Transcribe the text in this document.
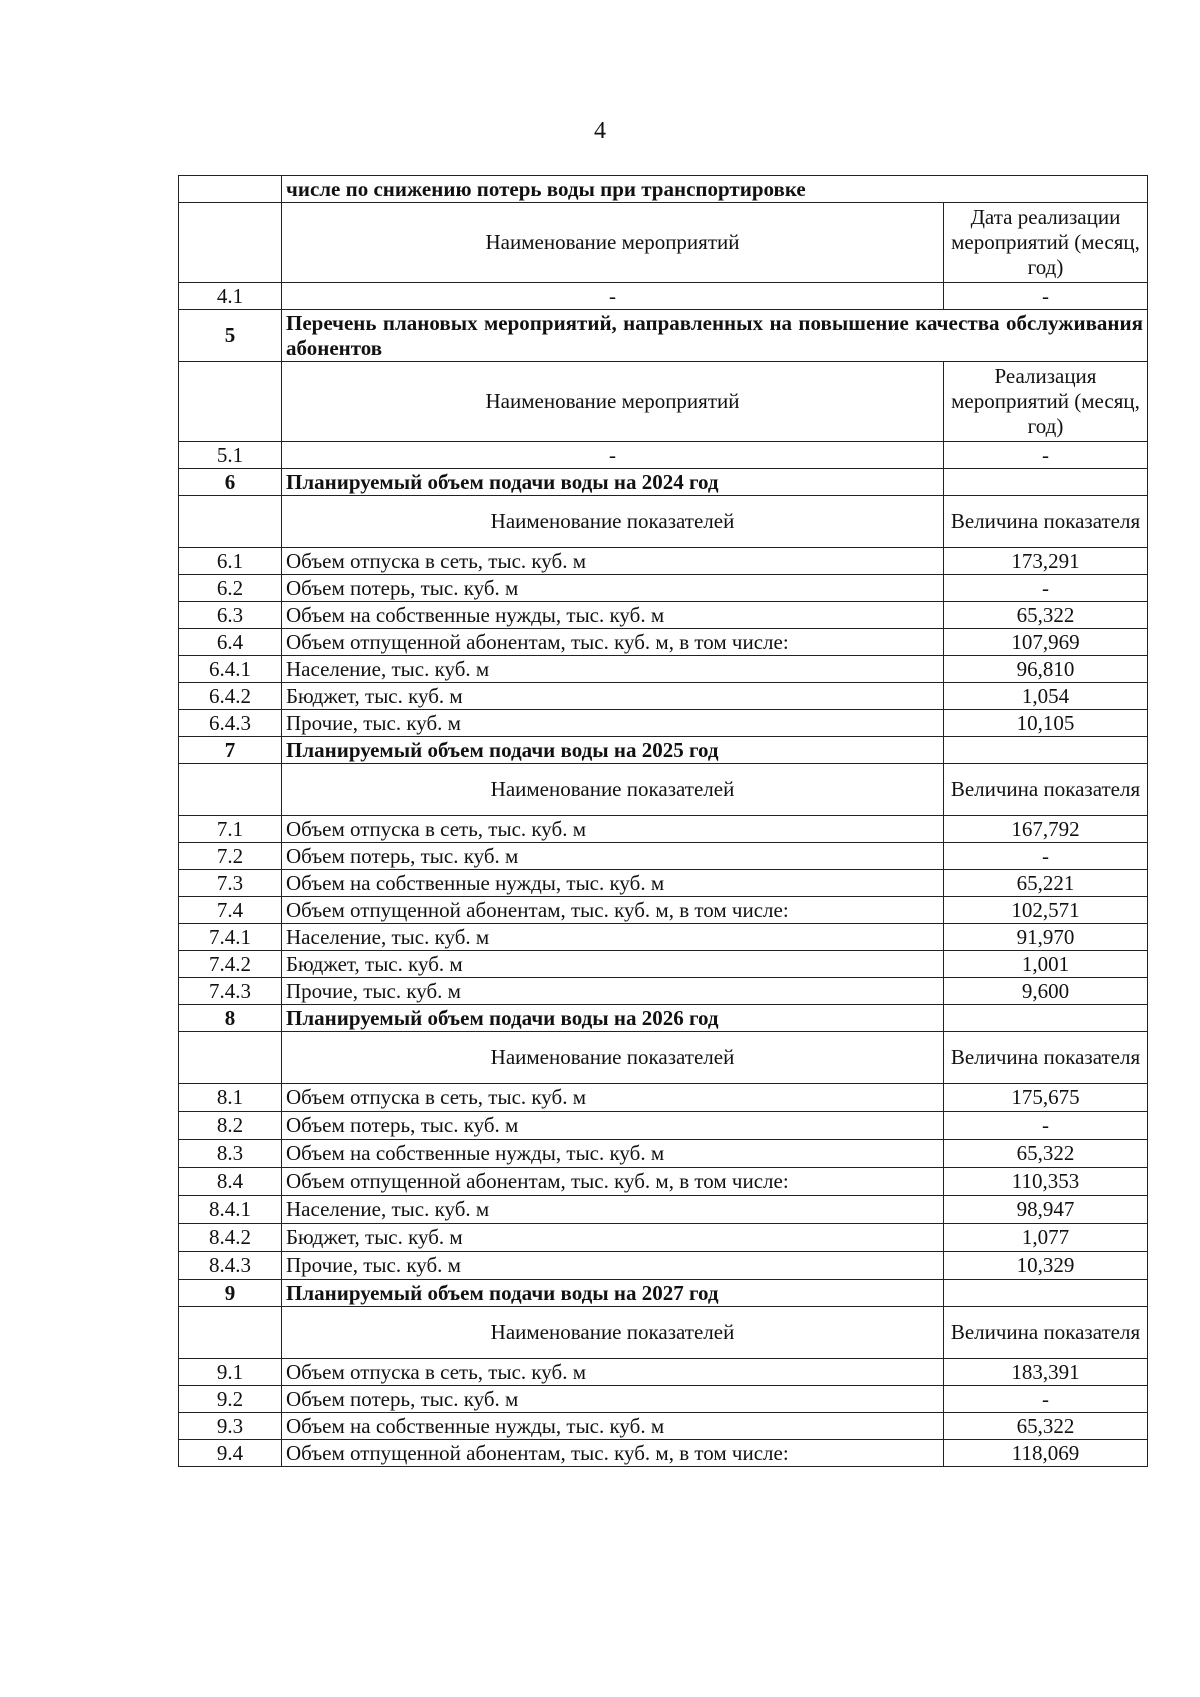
4
	числе по снижению потерь воды при транспортировке	
	Наименование мероприятий	Дата реализации мероприятий (месяц, год)
4.1	-	-
5	Перечень плановых мероприятий, направленных на повышение качества обслуживания абонентов	
	Наименование мероприятий	Реализация мероприятий (месяц, год)
5.1	-	-
6	Планируемый объем подачи воды на 2024 год	
	Наименование показателей	Величина показателя
6.1	Объем отпуска в сеть, тыс. куб. м	173,291
6.2	Объем потерь, тыс. куб. м	-
6.3	Объем на собственные нужды, тыс. куб. м	65,322
6.4	Объем отпущенной абонентам, тыс. куб. м, в том числе:	107,969
6.4.1	Население, тыс. куб. м	96,810
6.4.2	Бюджет, тыс. куб. м	1,054
6.4.3	Прочие, тыс. куб. м	10,105
7	Планируемый объем подачи воды на 2025 год	
	Наименование показателей	Величина показателя
7.1	Объем отпуска в сеть, тыс. куб. м	167,792
7.2	Объем потерь, тыс. куб. м	-
7.3	Объем на собственные нужды, тыс. куб. м	65,221
7.4	Объем отпущенной абонентам, тыс. куб. м, в том числе:	102,571
7.4.1	Население, тыс. куб. м	91,970
7.4.2	Бюджет, тыс. куб. м	1,001
7.4.3	Прочие, тыс. куб. м	9,600
8	Планируемый объем подачи воды на 2026 год	
	Наименование показателей	Величина показателя
8.1	Объем отпуска в сеть, тыс. куб. м	175,675
8.2	Объем потерь, тыс. куб. м	-
8.3	Объем на собственные нужды, тыс. куб. м	65,322
8.4	Объем отпущенной абонентам, тыс. куб. м, в том числе:	110,353
8.4.1	Население, тыс. куб. м	98,947
8.4.2	Бюджет, тыс. куб. м	1,077
8.4.3	Прочие, тыс. куб. м	10,329
9	Планируемый объем подачи воды на 2027 год	
	Наименование показателей	Величина показателя
9.1	Объем отпуска в сеть, тыс. куб. м	183,391
9.2	Объем потерь, тыс. куб. м	-
9.3	Объем на собственные нужды, тыс. куб. м	65,322
9.4	Объем отпущенной абонентам, тыс. куб. м, в том числе:	118,069
